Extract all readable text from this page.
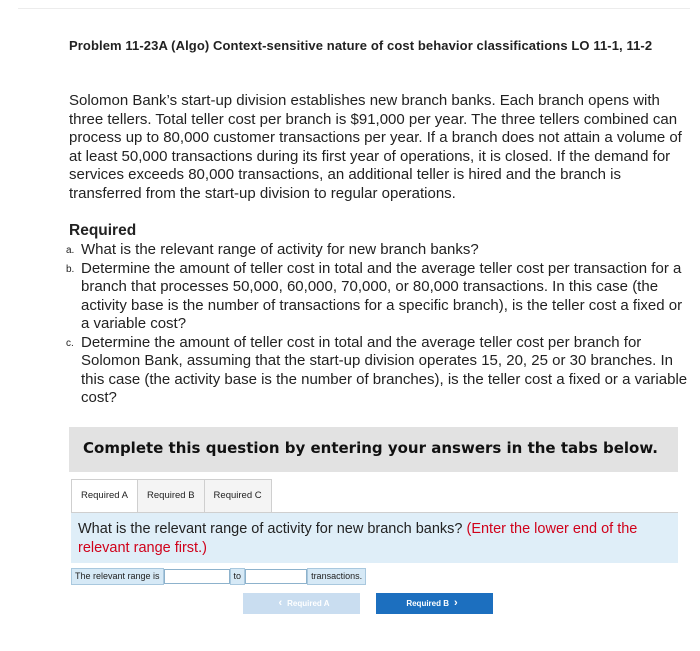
Problem 11-23A (Algo) Context-sensitive nature of cost behavior classifications LO 11-1, 11-2
Solomon Bank’s start-up division establishes new branch banks. Each branch opens with three tellers. Total teller cost per branch is $91,000 per year. The three tellers combined can process up to 80,000 customer transactions per year. If a branch does not attain a volume of at least 50,000 transactions during its first year of operations, it is closed. If the demand for services exceeds 80,000 transactions, an additional teller is hired and the branch is transferred from the start-up division to regular operations.
Required
a. What is the relevant range of activity for new branch banks?
b. Determine the amount of teller cost in total and the average teller cost per transaction for a branch that processes 50,000, 60,000, 70,000, or 80,000 transactions. In this case (the activity base is the number of transactions for a specific branch), is the teller cost a fixed or a variable cost?
c. Determine the amount of teller cost in total and the average teller cost per branch for Solomon Bank, assuming that the start-up division operates 15, 20, 25 or 30 branches. In this case (the activity base is the number of branches), is the teller cost a fixed or a variable cost?
Complete this question by entering your answers in the tabs below.
Required A	Required B	Required C
What is the relevant range of activity for new branch banks? (Enter the lower end of the relevant range first.)
The relevant range is	to	transactions.
‹ Required A	Required B ›
